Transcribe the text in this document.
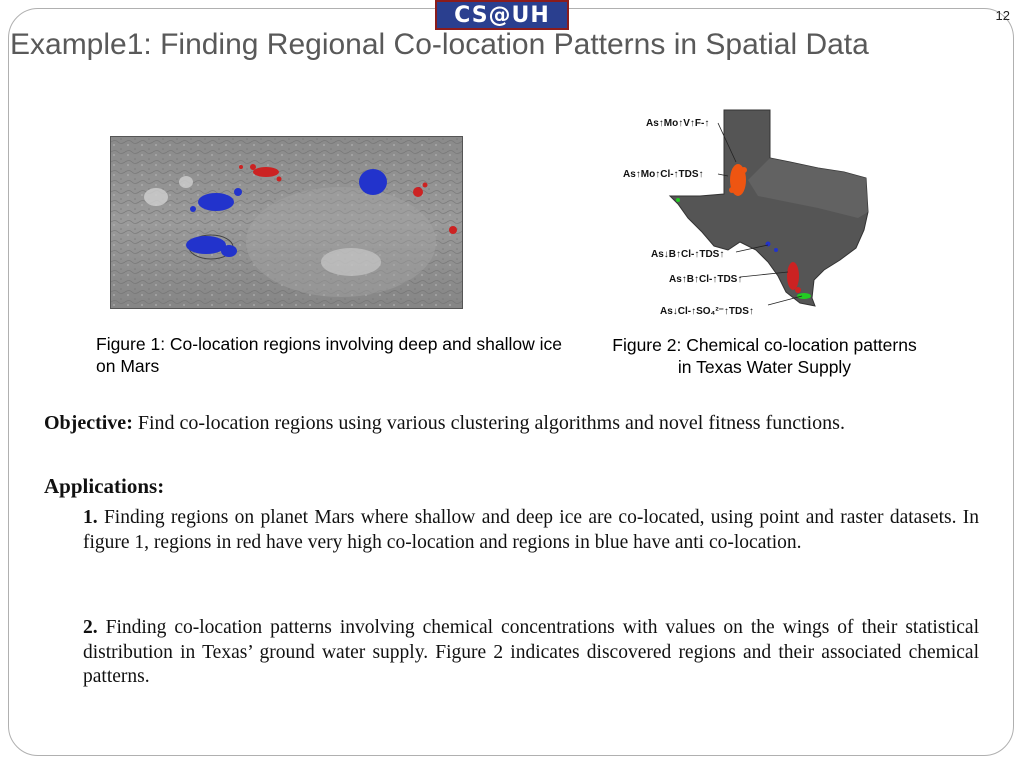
CS@UH	12
Example1: Finding Regional Co-location Patterns in Spatial Data
As↑Mo↑V↑F-↑
As↑Mo↑Cl-↑TDS↑
As↓B↑Cl-↑TDS↑
As↑B↑Cl-↑TDS↑
As↓Cl-↑SO₄²⁻↑TDS↑
Figure 1: Co-location regions involving deep and shallow ice on Mars
Figure 2: Chemical co-location patterns in Texas Water Supply
Objective: Find co-location regions using various clustering algorithms and novel fitness functions.
Applications:
1. Finding regions on planet Mars where shallow and deep ice are co-located, using point and raster datasets. In figure 1, regions in red have very high co-location and regions in blue have anti co-location.
2. Finding co-location patterns involving chemical concentrations with values on the wings of their statistical distribution in Texas’ ground water supply. Figure 2 indicates discovered regions and their associated chemical patterns.
